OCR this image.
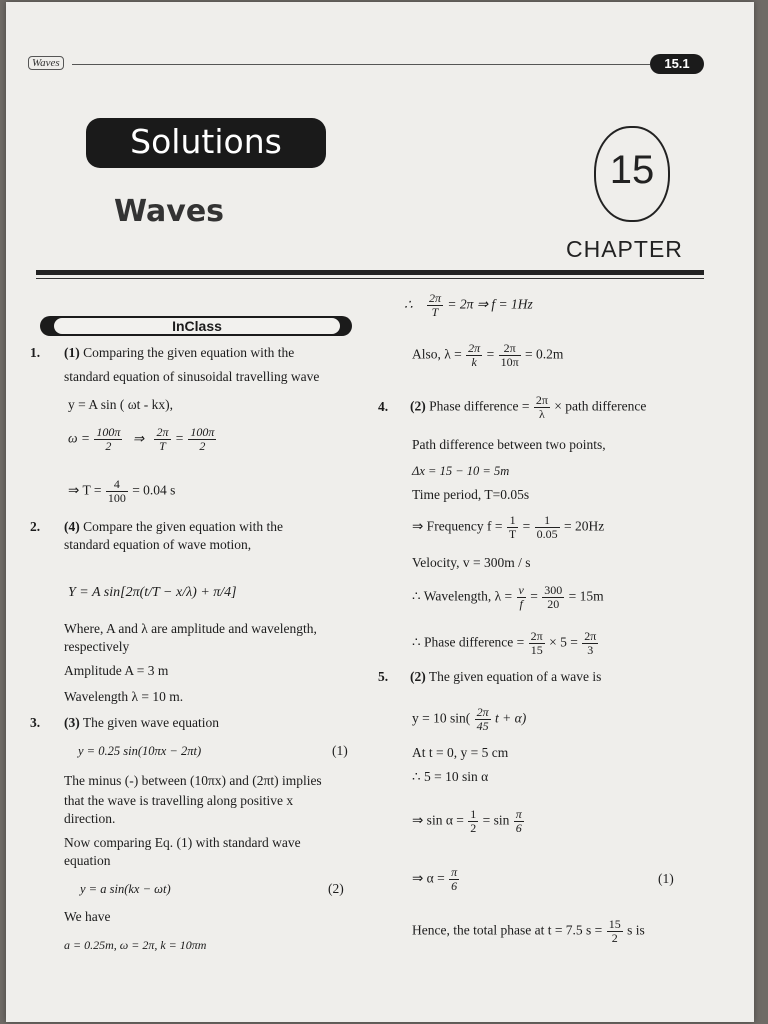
Waves	15.1
Solutions
Waves
15
CHAPTER
InClass
1. (1) Comparing the given equation with the
standard equation of sinusoidal travelling wave
y = A sin ( ωt - kx),
$\omega = \frac{100\pi}{2}$ ⇒ $\frac{2\pi}{T} = \frac{100\pi}{2}$
⇒ $T = \frac{4}{100} = 0.04$ s
2. (4) Compare the given equation with the
standard equation of wave motion,
Y = A sin[2π(t/T − x/λ) + π/4]
Where, A and λ are amplitude and wavelength,
respectively
Amplitude A = 3 m
Wavelength λ = 10 m.
3. (3) The given wave equation
y = 0.25 sin(10πx − 2πt)	(1)
The minus (-) between (10πx) and (2πt) implies
that the wave is travelling along positive x
direction.
Now comparing Eq. (1) with standard wave
equation
y = a sin(kx − ωt)	(2)
We have
a = 0.25m, ω = 2π, k = 10πm
∴ $\frac{2\pi}{T} = 2\pi$ ⇒ f = 1Hz
Also, $\lambda = \frac{2\pi}{k} = \frac{2\pi}{10\pi} = 0.2m$
4. (2) Phase difference = $\frac{2\pi}{\lambda}$ × path difference
Path difference between two points,
Δx = 15 − 10 = 5m
Time period, T=0.05s
⇒ Frequency $f = \frac{1}{T} = \frac{1}{0.05} = 20Hz$
Velocity, v = 300m / s
∴ Wavelength, $\lambda = \frac{v}{f} = \frac{300}{20} = 15m$
∴ Phase difference = $\frac{2\pi}{15} \times 5 = \frac{2\pi}{3}$
5. (2) The given equation of a wave is
y = 10 $\sin( \frac{2\pi}{45}$ t + α)
At t = 0, y = 5 cm
∴ 5 = 10 sin α
⇒ $\sin \alpha = \frac{1}{2} = \sin \frac{\pi}{6}$
⇒ $\alpha = \frac{\pi}{6}$	(1)
Hence, the total phase at t = 7.5 $s = \frac{15}{2}$ s is
